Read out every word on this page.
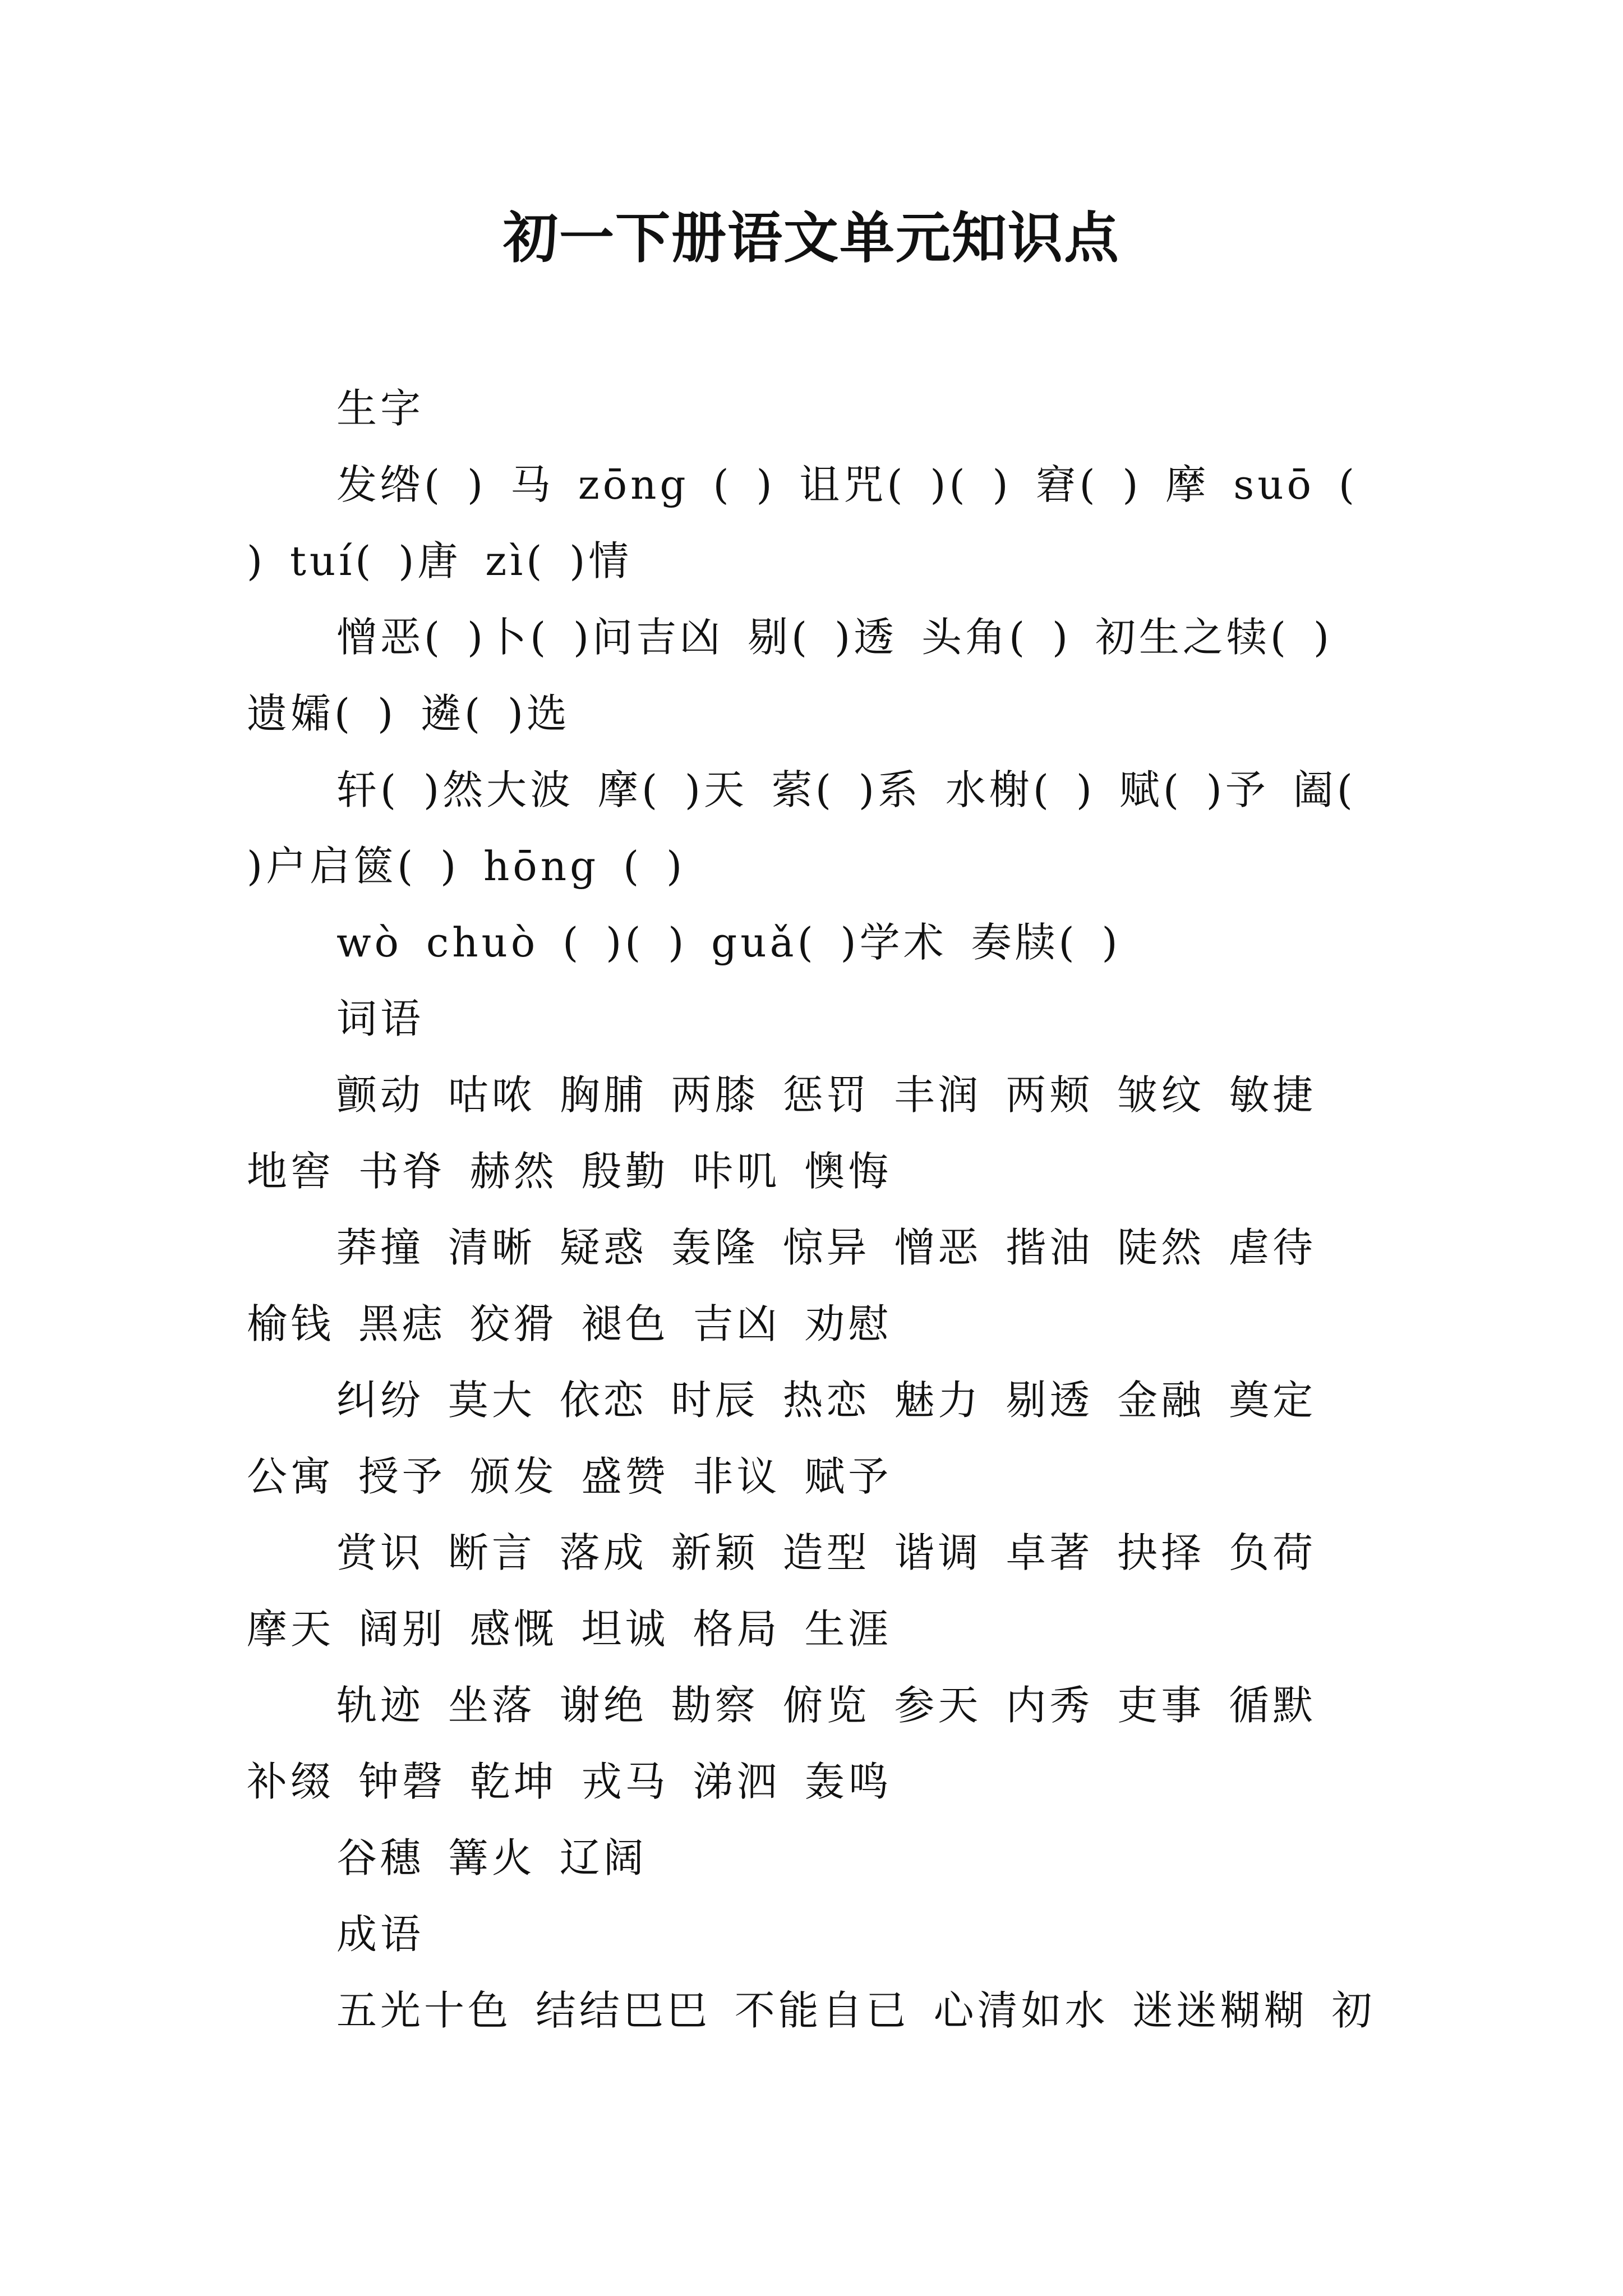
初一下册语文单元知识点

生字

发绺( ) 马 zōng ( ) 诅咒( )( ) 窘( ) 摩 suō ( ) tuí( )唐 zì( )情

憎恶( )卜( )问吉凶 剔( )透 头角( ) 初生之犊( ) 遗孀( ) 遴( )选

轩( )然大波 摩( )天 萦( )系 水榭( ) 赋( )予 阖( )户启篋( ) hōng ( )

wò chuò ( )( ) guǎ( )学术 奏牍( )

词语

颤动 咕哝 胸脯 两膝 惩罚 丰润 两颊 皱纹 敏捷 地窖 书脊 赫然 殷勤 咔叽 懊悔

莽撞 清晰 疑惑 轰隆 惊异 憎恶 揩油 陡然 虐待 榆钱 黑痣 狡猾 褪色 吉凶 劝慰

纠纷 莫大 依恋 时辰 热恋 魅力 剔透 金融 奠定 公寓 授予 颁发 盛赞 非议 赋予

赏识 断言 落成 新颖 造型 谐调 卓著 抉择 负荷 摩天 阔别 感慨 坦诚 格局 生涯

轨迹 坐落 谢绝 勘察 俯览 参天 内秀 吏事 循默 补缀 钟磬 乾坤 戎马 涕泗 轰鸣

谷穗 篝火 辽阔

成语

五光十色 结结巴巴 不能自已 心清如水 迷迷糊糊 初
